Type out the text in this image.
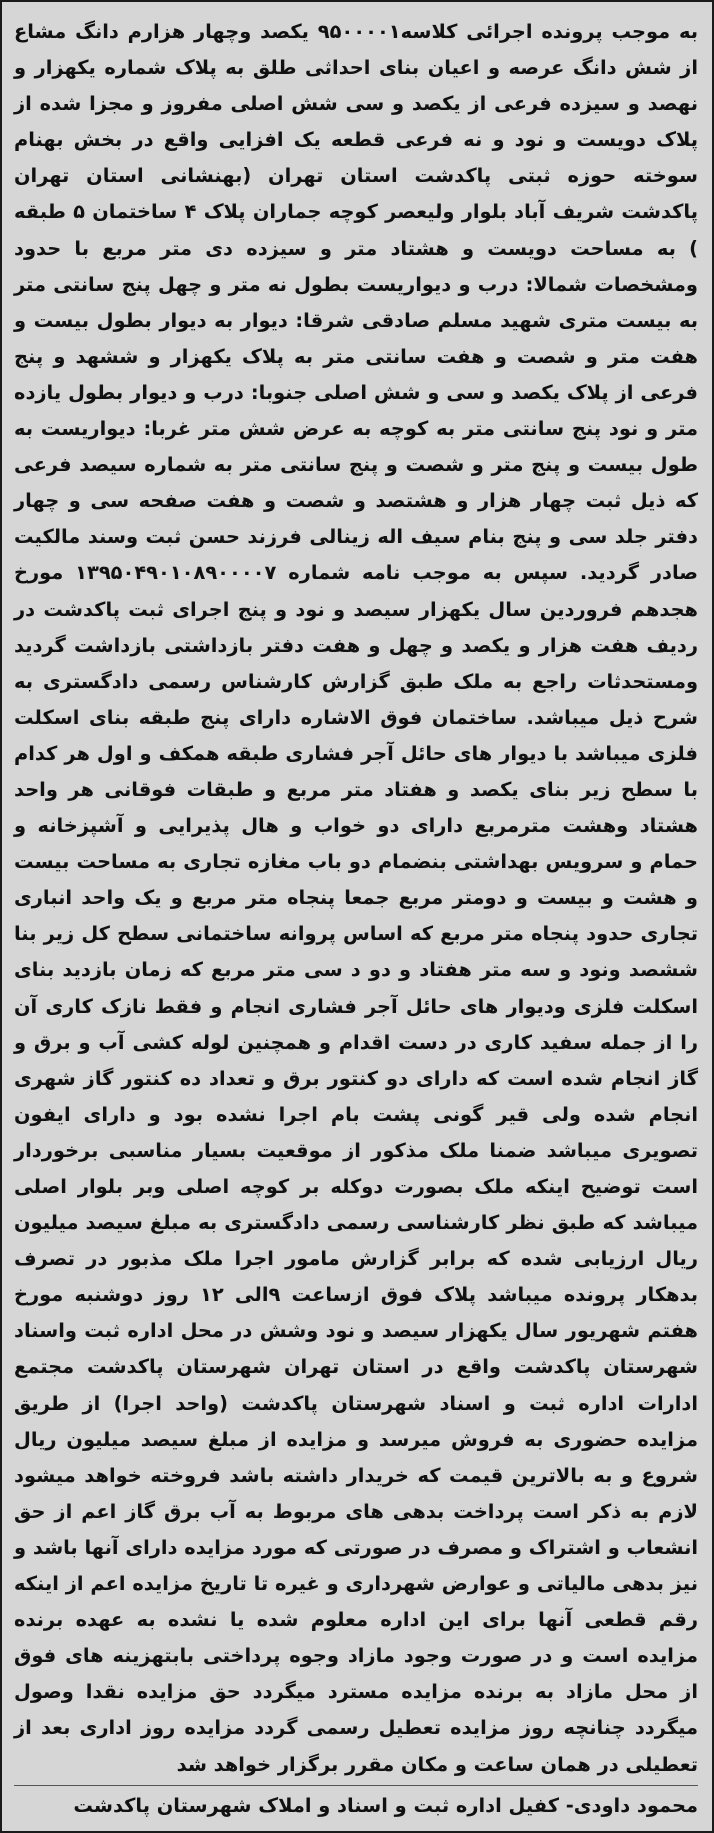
به موجب پرونده اجرائی کلاسه۹۵۰۰۰۰۱ یکصد وچهار هزارم دانگ مشاع از شش دانگ عرصه و اعیان بنای احداثی طلق به پلاک شماره یکهزار و نهصد و سیزده فرعی از یکصد و سی شش اصلی مفروز و مجزا شده از پلاک دویست و نود و نه فرعی قطعه یک افزایی واقع در بخش بهنام سوخته حوزه ثبتی پاکدشت استان تهران (بهنشانی استان تهران پاکدشت شریف آباد بلوار ولیعصر کوچه جماران پلاک ۴ ساختمان ۵ طبقه ) به مساحت دویست و هشتاد متر و سیزده دی متر مربع با حدود ومشخصات شمالا: درب و دیواریست بطول نه متر و چهل پنج سانتی متر به بیست متری شهید مسلم صادقی شرقا: دیوار به دیوار بطول بیست و هفت متر و شصت و هفت سانتی متر به پلاک یکهزار و ششهد و پنج فرعی از پلاک یکصد و سی و شش اصلی جنوبا: درب و دیوار بطول یازده متر و نود پنج سانتی متر به کوچه به عرض شش متر غربا: دیواریست به طول بیست و پنج متر و شصت و پنج سانتی متر به شماره سیصد فرعی که ذیل ثبت چهار هزار و هشتصد و شصت و هفت صفحه سی و چهار دفتر جلد سی و پنج بنام سیف اله زینالی فرزند حسن ثبت وسند مالکیت صادر گردید. سپس به موجب نامه شماره ۱۳۹۵۰۴۹۰۱۰۸۹۰۰۰۰۷ مورخ هجدهم فروردین سال یکهزار سیصد و نود و پنج اجرای ثبت پاکدشت در ردیف هفت هزار و یکصد و چهل و هفت دفتر بازداشتی بازداشت گردید ومستحدثات راجع به ملک طبق گزارش کارشناس رسمی دادگستری به شرح ذیل میباشد. ساختمان فوق الاشاره دارای پنج طبقه بنای اسکلت فلزی میباشد با دیوار های حائل آجر فشاری طبقه همکف و اول هر کدام با سطح زیر بنای یکصد و هفتاد متر مربع و طبقات فوقانی هر واحد هشتاد وهشت مترمربع دارای دو خواب و هال پذیرایی و آشپزخانه و حمام و سرویس بهداشتی بنضمام دو باب مغازه تجاری به مساحت بیست و هشت و بیست و دومتر مربع جمعا پنجاه متر مربع و یک واحد انباری تجاری حدود پنجاه متر مربع که اساس پروانه ساختمانی سطح کل زیر بنا ششصد ونود و سه متر هفتاد و دو د سی متر مربع که زمان بازدید بنای اسکلت فلزی ودیوار های حائل آجر فشاری انجام و فقط نازک کاری آن را از جمله سفید کاری در دست اقدام و همچنین لوله کشی آب و برق و گاز انجام شده است که دارای دو کنتور برق و تعداد ده کنتور گاز شهری انجام شده ولی قیر گونی پشت بام اجرا نشده بود و دارای ایفون تصویری میباشد ضمنا ملک مذکور از موقعیت بسیار مناسبی برخوردار است توضیح اینکه ملک بصورت دوکله بر کوچه اصلی وبر بلوار اصلی میباشد که طبق نظر کارشناسی رسمی دادگستری به مبلغ سیصد میلیون ریال ارزیابی شده که برابر گزارش مامور اجرا ملک مذبور در تصرف بدهکار پرونده میباشد پلاک فوق ازساعت ۹الی ۱۲ روز دوشنبه مورخ هفتم شهریور سال یکهزار سیصد و نود وشش در محل اداره ثبت واسناد شهرستان پاکدشت واقع در استان تهران شهرستان پاکدشت مجتمع ادارات اداره ثبت و اسناد شهرستان پاکدشت (واحد اجرا) از طریق مزایده حضوری به فروش میرسد و مزایده از مبلغ سیصد میلیون ریال شروع و به بالاترین قیمت که خریدار داشته باشد فروخته خواهد میشود لازم به ذکر است پرداخت بدهی های مربوط به آب برق گاز اعم از حق انشعاب و اشتراک و مصرف در صورتی که مورد مزایده دارای آنها باشد و نیز بدهی مالیاتی و عوارض شهرداری و غیره تا تاریخ مزایده اعم از اینکه رقم قطعی آنها برای این اداره معلوم شده یا نشده به عهده برنده مزایده است و در صورت وجود مازاد وجوه پرداختی بابتهزینه های فوق از محل مازاد به برنده مزایده مسترد میگردد حق مزایده نقدا وصول میگردد چنانچه روز مزایده تعطیل رسمی گردد مزایده روز اداری بعد از تعطیلی در همان ساعت و مکان مقرر برگزار خواهد شد

محمود داودی- کفیل اداره ثبت و اسناد و املاک شهرستان پاکدشت
